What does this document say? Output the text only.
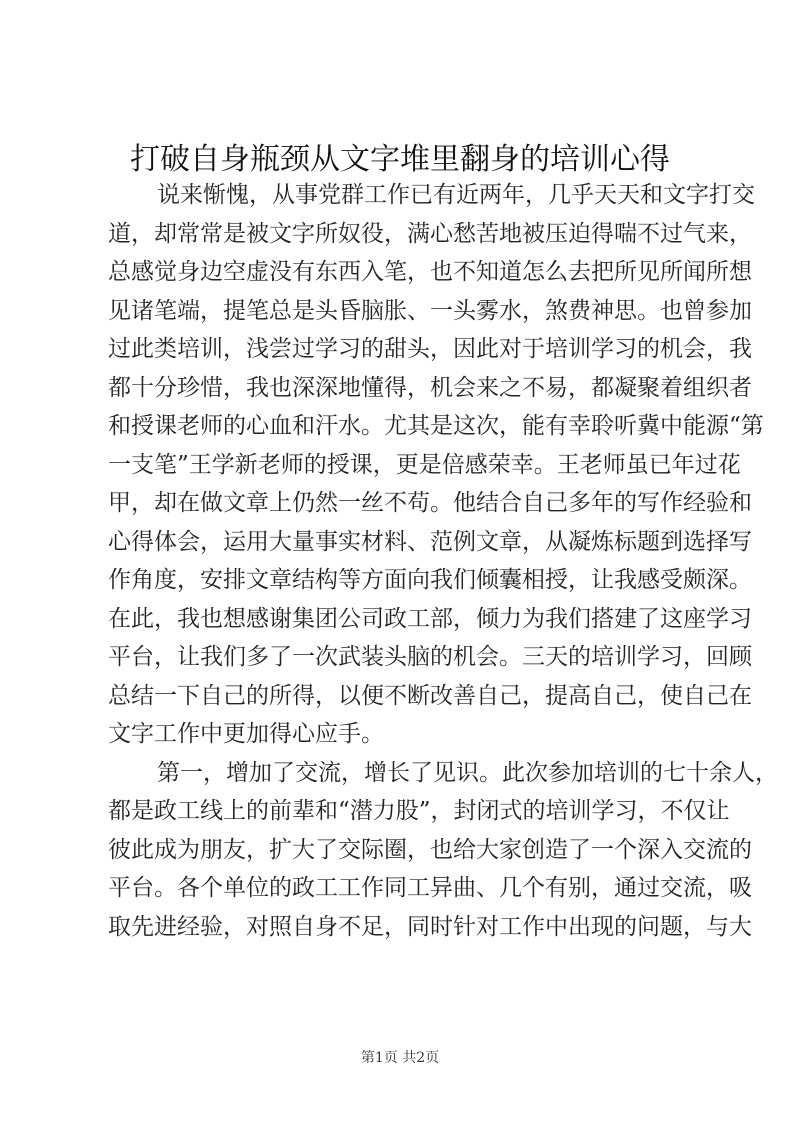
打破自身瓶颈从文字堆里翻身的培训心得
说来惭愧，从事党群工作已有近两年，几乎天天和文字打交
道，却常常是被文字所奴役，满心愁苦地被压迫得喘不过气来，
总感觉身边空虚没有东西入笔，也不知道怎么去把所见所闻所想
见诸笔端，提笔总是头昏脑胀、一头雾水，煞费神思。也曾参加
过此类培训，浅尝过学习的甜头，因此对于培训学习的机会，我
都十分珍惜，我也深深地懂得，机会来之不易，都凝聚着组织者
和授课老师的心血和汗水。尤其是这次，能有幸聆听冀中能源“第
一支笔”王学新老师的授课，更是倍感荣幸。王老师虽已年过花
甲，却在做文章上仍然一丝不苟。他结合自己多年的写作经验和
心得体会，运用大量事实材料、范例文章，从凝炼标题到选择写
作角度，安排文章结构等方面向我们倾囊相授，让我感受颇深。
在此，我也想感谢集团公司政工部，倾力为我们搭建了这座学习
平台，让我们多了一次武装头脑的机会。三天的培训学习，回顾
总结一下自己的所得，以便不断改善自己，提高自己，使自己在
文字工作中更加得心应手。
第一，增加了交流，增长了见识。此次参加培训的七十余人，
都是政工线上的前辈和“潜力股”，封闭式的培训学习，不仅让
彼此成为朋友，扩大了交际圈，也给大家创造了一个深入交流的
平台。各个单位的政工工作同工异曲、几个有别，通过交流，吸
取先进经验，对照自身不足，同时针对工作中出现的问题，与大
第1页 共2页
